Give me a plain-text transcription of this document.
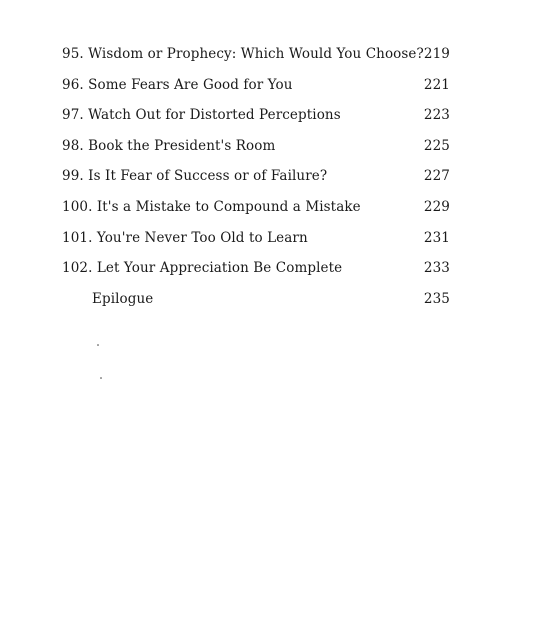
95. Wisdom or Prophecy: Which Would You Choose? 219
96. Some Fears Are Good for You	221
97. Watch Out for Distorted Perceptions	223
98. Book the President's Room	225
99. Is It Fear of Success or of Failure?	227
100. It's a Mistake to Compound a Mistake	229
101. You're Never Too Old to Learn	231
102. Let Your Appreciation Be Complete	233
Epilogue	235
